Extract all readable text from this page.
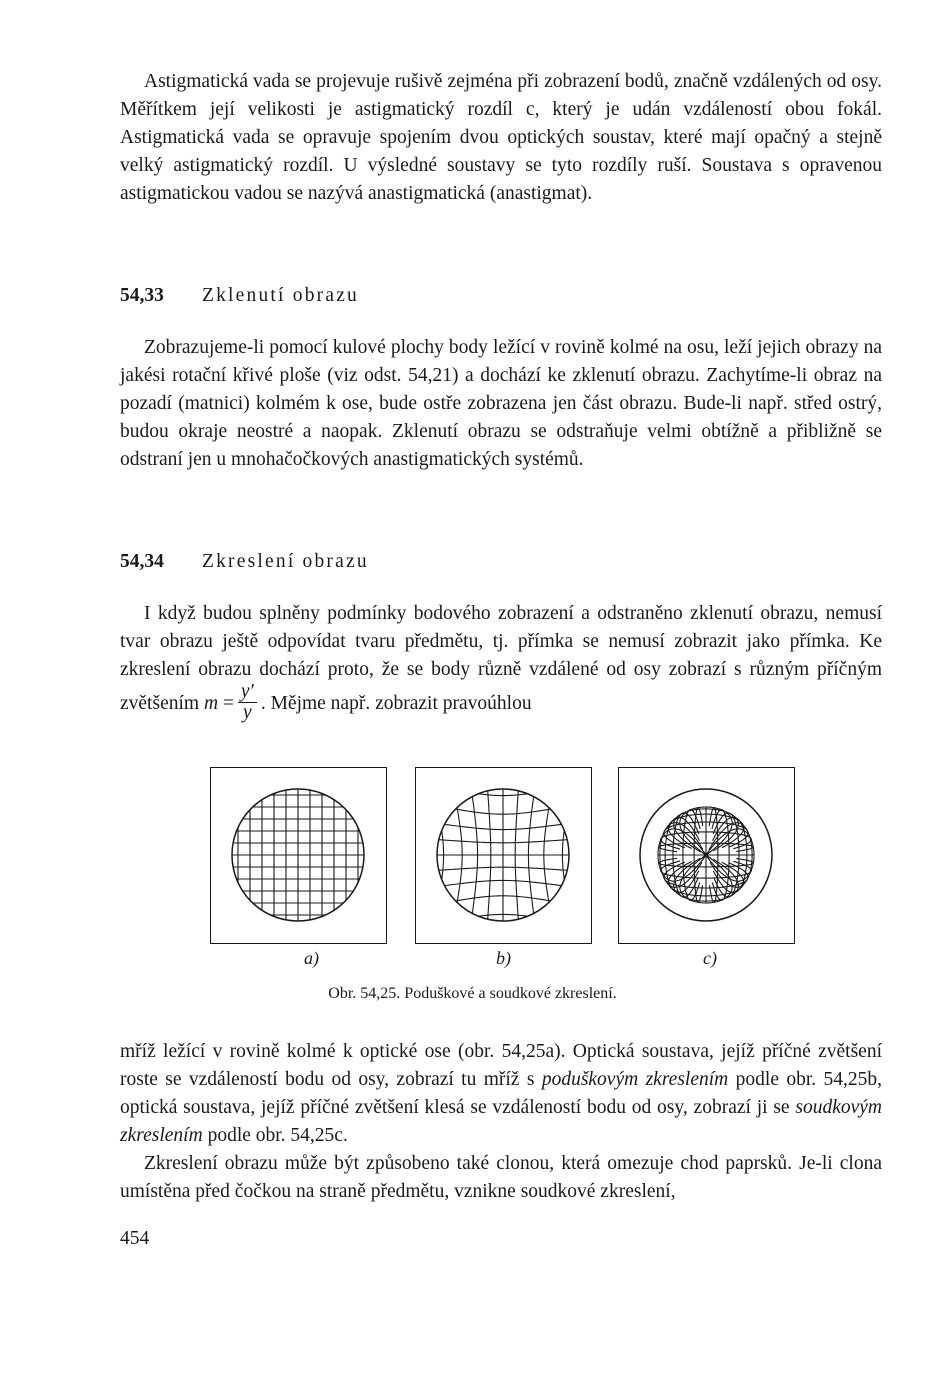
Astigmatická vada se projevuje rušivě zejména při zobrazení bodů, značně vzdálených od osy. Měřítkem její velikosti je astigmatický rozdíl c, který je udán vzdáleností obou fokál. Astigmatická vada se opravuje spojením dvou optických soustav, které mají opačný a stejně velký astigmatický rozdíl. U výsledné soustavy se tyto rozdíly ruší. Soustava s opravenou astigmatickou vadou se nazývá anastigmatická (anastigmat).

54,33 Zklenutí obrazu

Zobrazujeme-li pomocí kulové plochy body ležící v rovině kolmé na osu, leží jejich obrazy na jakési rotační křivé ploše (viz odst. 54,21) a dochází ke zklenutí obrazu. Zachytíme-li obraz na pozadí (matnici) kolmém k ose, bude ostře zobrazena jen část obrazu. Bude-li např. střed ostrý, budou okraje neostré a naopak. Zklenutí obrazu se odstraňuje velmi obtížně a přibližně se odstraní jen u mnohačočkových anastigmatických systémů.

54,34 Zkreslení obrazu

I když budou splněny podmínky bodového zobrazení a odstraněno zklenutí obrazu, nemusí tvar obrazu ještě odpovídat tvaru předmětu, tj. přímka se nemusí zobrazit jako přímka. Ke zkreslení obrazu dochází proto, že se body různě vzdálené od osy zobrazí s různým příčným zvětšením $m = \frac{y'}{y}$ . Mějme např. zobrazit pravoúhlou

a)	b)	c)
Obr. 54,25. Poduškové a soudkové zkreslení.

mříž ležící v rovině kolmé k optické ose (obr. 54,25a). Optická soustava, jejíž příčné zvětšení roste se vzdáleností bodu od osy, zobrazí tu mříž s poduškovým zkreslením podle obr. 54,25b, optická soustava, jejíž příčné zvětšení klesá se vzdáleností bodu od osy, zobrazí ji se soudkovým zkreslením podle obr. 54,25c.

Zkreslení obrazu může být způsobeno také clonou, která omezuje chod paprsků. Je-li clona umístěna před čočkou na straně předmětu, vznikne soudkové zkreslení,

454
